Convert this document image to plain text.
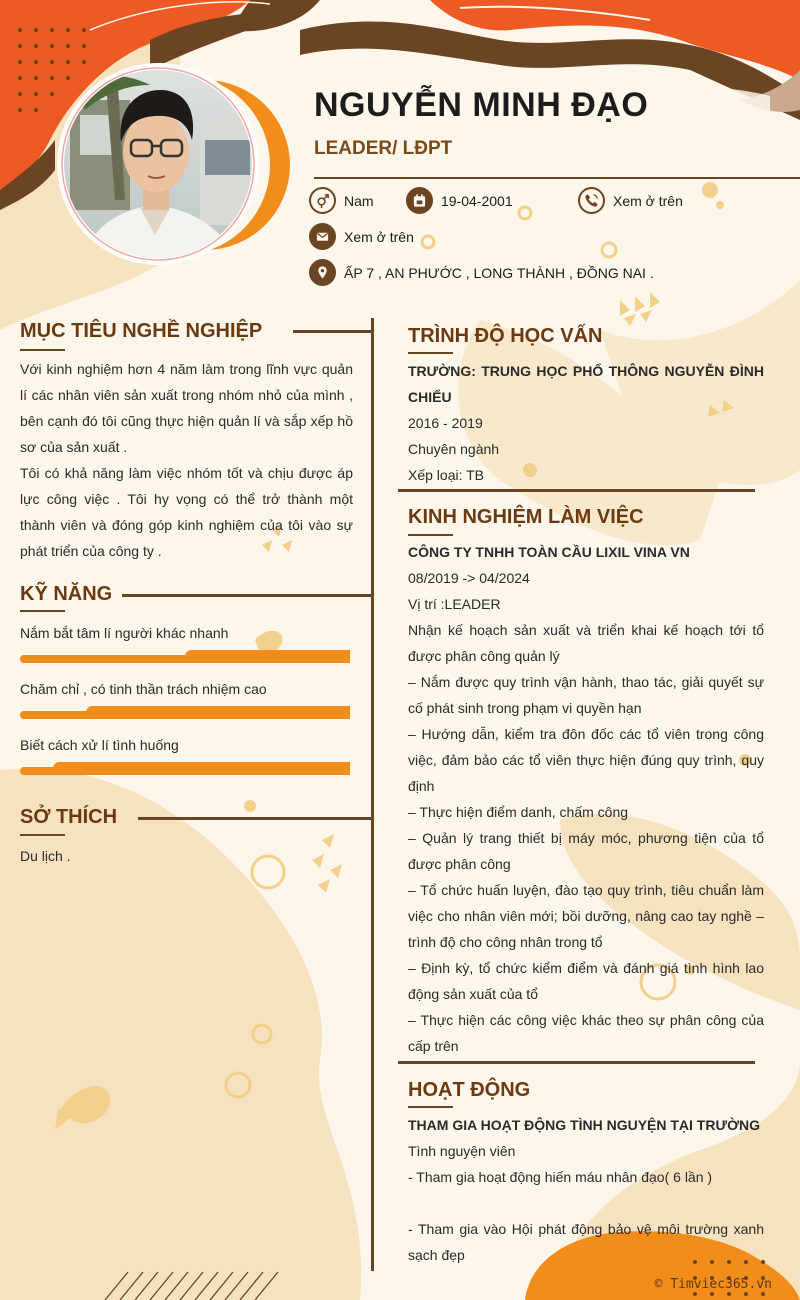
NGUYỄN MINH ĐẠO
LEADER/ LĐPT
Nam	19-04-2001	Xem ở trên
Xem ở trên
ẤP 7 , AN PHƯỚC , LONG THÀNH , ĐỒNG NAI .
MỤC TIÊU NGHỀ NGHIỆP

Với kinh nghiệm hơn 4 năm làm trong lĩnh vực quản lí các nhân viên sản xuất trong nhóm nhỏ của mình , bên cạnh đó tôi cũng thực hiện quản lí và sắp xếp hồ sơ của sản xuất .

Tôi có khả năng làm việc nhóm tốt và chịu được áp lực công việc . Tôi hy vọng có thể trở thành một thành viên và đóng góp kinh nghiệm của tôi vào sự phát triển của công ty .

KỸ NĂNG
Nắm bắt tâm lí người khác nhanh
Chăm chỉ , có tinh thần trách nhiệm cao
Biết cách xử lí tình huống
SỞ THÍCH
Du lịch .
TRÌNH ĐỘ HỌC VẤN

TRƯỜNG: TRUNG HỌC PHỔ THÔNG NGUYỄN ĐÌNH CHIỂU

2016 - 2019

Chuyên ngành

Xếp loại: TB

KINH NGHIỆM LÀM VIỆC

CÔNG TY TNHH TOÀN CẦU LIXIL VINA VN

08/2019 -> 04/2024

Vị trí :LEADER

Nhận kế hoạch sản xuất và triển khai kế hoạch tới tổ được phân công quản lý

– Nắm được quy trình vận hành, thao tác, giải quyết sự cố phát sinh trong phạm vi quyền hạn

– Hướng dẫn, kiểm tra đôn đốc các tổ viên trong công việc, đảm bảo các tổ viên thực hiện đúng quy trình, quy định

– Thực hiện điểm danh, chấm công

– Quản lý trang thiết bị máy móc, phương tiện của tổ được phân công

– Tổ chức huấn luyện, đào tạo quy trình, tiêu chuẩn làm việc cho nhân viên mới; bồi dưỡng, nâng cao tay nghề – trình độ cho công nhân trong tổ

– Định kỳ, tổ chức kiểm điểm và đánh giá tình hình lao động sản xuất của tổ

– Thực hiện các công việc khác theo sự phân công của cấp trên

HOẠT ĐỘNG

THAM GIA HOẠT ĐỘNG TÌNH NGUYỆN TẠI TRƯỜNG

Tình nguyện viên

- Tham gia hoạt động hiến máu nhân đạo( 6 lần )

- Tham gia vào Hội phát động bảo vệ môi trường xanh sạch đẹp

© Timviec365.vn
